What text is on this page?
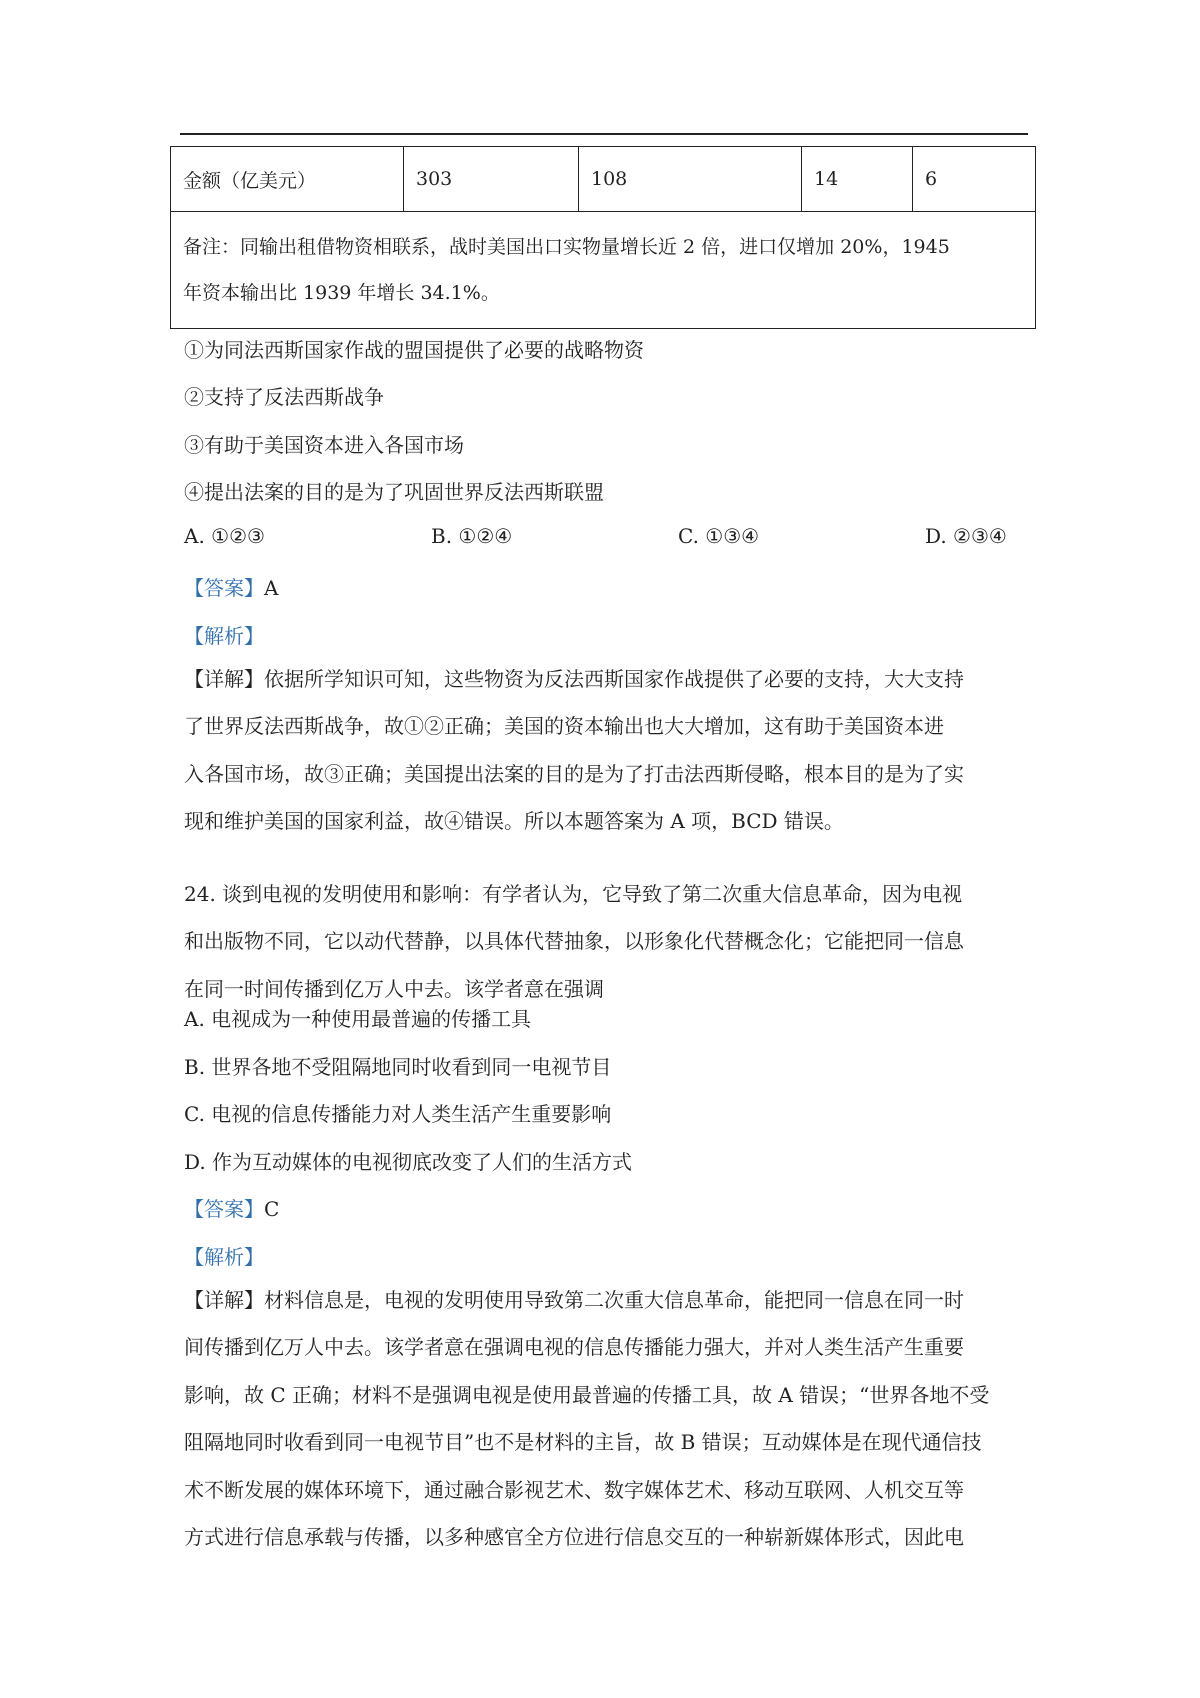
金额（亿美元）	303	108	14	6

备注：同输出租借物资相联系，战时美国出口实物量增长近 2 倍，进口仅增加 20%，1945
年资本输出比 1939 年增长 34.1%。
①为同法西斯国家作战的盟国提供了必要的战略物资
②支持了反法西斯战争
③有助于美国资本进入各国市场
④提出法案的目的是为了巩固世界反法西斯联盟
A. ①②③	B. ①②④	C. ①③④	D. ②③④
【答案】A
【解析】
【详解】依据所学知识可知，这些物资为反法西斯国家作战提供了必要的支持，大大支持
了世界反法西斯战争，故①②正确；美国的资本输出也大大增加，这有助于美国资本进
入各国市场，故③正确；美国提出法案的目的是为了打击法西斯侵略，根本目的是为了实
现和维护美国的国家利益，故④错误。所以本题答案为 A 项，BCD 错误。
24. 谈到电视的发明使用和影响：有学者认为，它导致了第二次重大信息革命，因为电视
和出版物不同，它以动代替静，以具体代替抽象，以形象化代替概念化；它能把同一信息
在同一时间传播到亿万人中去。该学者意在强调
A. 电视成为一种使用最普遍的传播工具
B. 世界各地不受阻隔地同时收看到同一电视节目
C. 电视的信息传播能力对人类生活产生重要影响
D. 作为互动媒体的电视彻底改变了人们的生活方式
【答案】C
【解析】
【详解】材料信息是，电视的发明使用导致第二次重大信息革命，能把同一信息在同一时
间传播到亿万人中去。该学者意在强调电视的信息传播能力强大，并对人类生活产生重要
影响，故 C 正确；材料不是强调电视是使用最普遍的传播工具，故 A 错误；“世界各地不受
阻隔地同时收看到同一电视节目”也不是材料的主旨，故 B 错误；互动媒体是在现代通信技
术不断发展的媒体环境下，通过融合影视艺术、数字媒体艺术、移动互联网、人机交互等
方式进行信息承载与传播，以多种感官全方位进行信息交互的一种崭新媒体形式，因此电
